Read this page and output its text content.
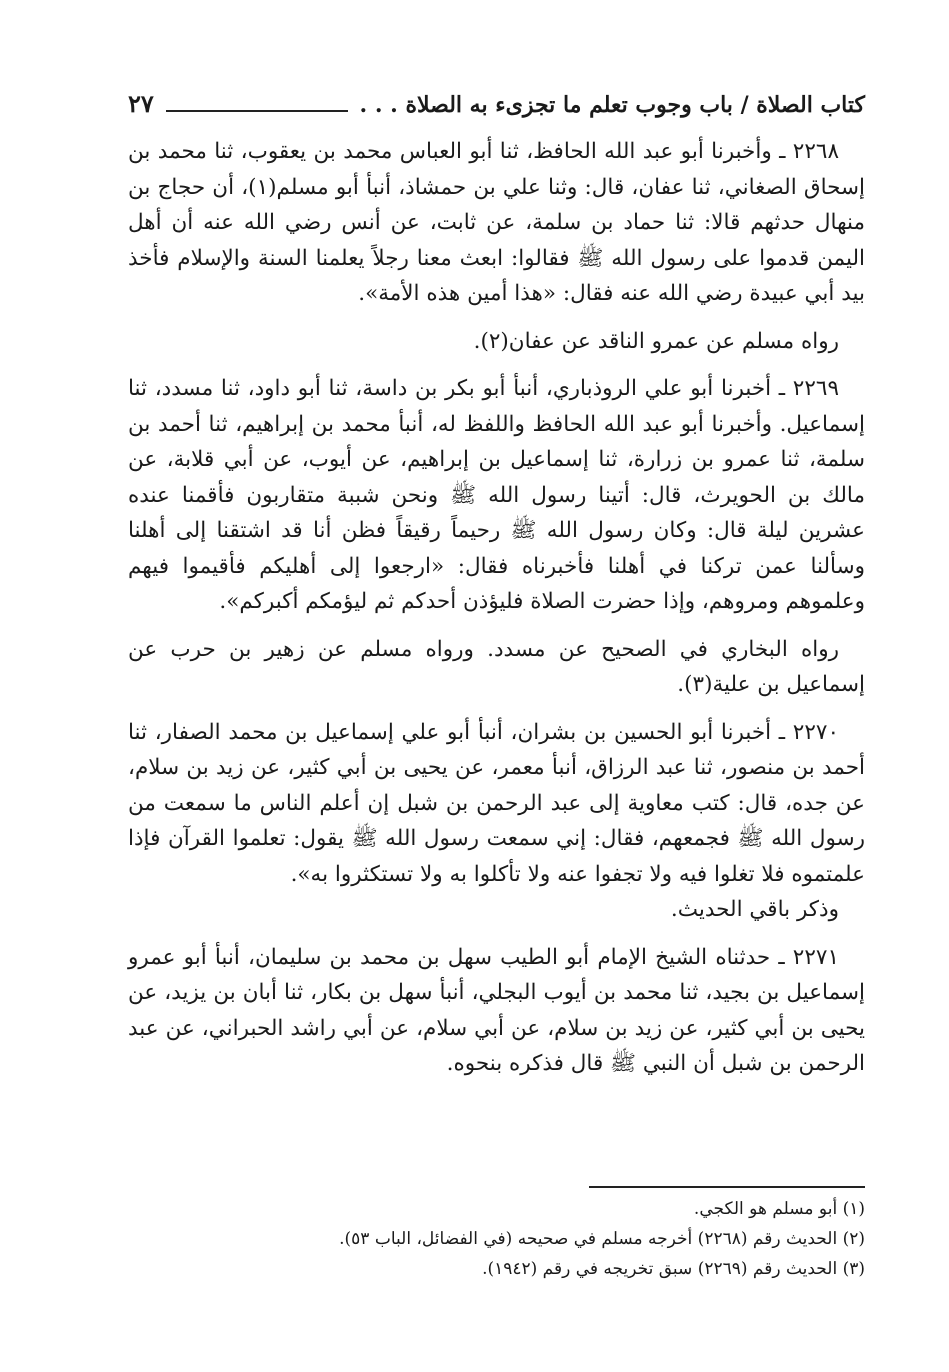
كتاب الصلاة / باب وجوب تعلم ما تجزىء به الصلاة . . .
٢٧

٢٢٦٨ ـ وأخبرنا أبو عبد الله الحافظ، ثنا أبو العباس محمد بن يعقوب، ثنا محمد بن إسحاق الصغاني، ثنا عفان، قال: وثنا علي بن حمشاذ، أنبأ أبو مسلم(١)، أن حجاج بن منهال حدثهم قالا: ثنا حماد بن سلمة، عن ثابت، عن أنس رضي الله عنه أن أهل اليمن قدموا على رسول الله ﷺ فقالوا: ابعث معنا رجلاً يعلمنا السنة والإسلام فأخذ بيد أبي عبيدة رضي الله عنه فقال: «هذا أمين هذه الأمة».

رواه مسلم عن عمرو الناقد عن عفان(٢).

٢٢٦٩ ـ أخبرنا أبو علي الروذباري، أنبأ أبو بكر بن داسة، ثنا أبو داود، ثنا مسدد، ثنا إسماعيل. وأخبرنا أبو عبد الله الحافظ واللفظ له، أنبأ محمد بن إبراهيم، ثنا أحمد بن سلمة، ثنا عمرو بن زرارة، ثنا إسماعيل بن إبراهيم، عن أيوب، عن أبي قلابة، عن مالك بن الحويرث، قال: أتينا رسول الله ﷺ ونحن شببة متقاربون فأقمنا عنده عشرين ليلة قال: وكان رسول الله ﷺ رحيماً رقيقاً فظن أنا قد اشتقنا إلى أهلنا وسألنا عمن تركنا في أهلنا فأخبرناه فقال: «ارجعوا إلى أهليكم فأقيموا فيهم وعلموهم ومروهم، وإذا حضرت الصلاة فليؤذن أحدكم ثم ليؤمكم أكبركم».

رواه البخاري في الصحيح عن مسدد. ورواه مسلم عن زهير بن حرب عن إسماعيل بن علية(٣).

٢٢٧٠ ـ أخبرنا أبو الحسين بن بشران، أنبأ أبو علي إسماعيل بن محمد الصفار، ثنا أحمد بن منصور، ثنا عبد الرزاق، أنبأ معمر، عن يحيى بن أبي كثير، عن زيد بن سلام، عن جده، قال: كتب معاوية إلى عبد الرحمن بن شبل إن أعلم الناس ما سمعت من رسول الله ﷺ فجمعهم، فقال: إني سمعت رسول الله ﷺ يقول: تعلموا القرآن فإذا علمتموه فلا تغلوا فيه ولا تجفوا عنه ولا تأكلوا به ولا تستكثروا به».

وذكر باقي الحديث.

٢٢٧١ ـ حدثناه الشيخ الإمام أبو الطيب سهل بن محمد بن سليمان، أنبأ أبو عمرو إسماعيل بن بجيد، ثنا محمد بن أيوب البجلي، أنبأ سهل بن بكار، ثنا أبان بن يزيد، عن يحيى بن أبي كثير، عن زيد بن سلام، عن أبي سلام، عن أبي راشد الحبراني، عن عبد الرحمن بن شبل أن النبي ﷺ قال فذكره بنحوه.

(١) أبو مسلم هو الكجي.

(٢) الحديث رقم (٢٢٦٨) أخرجه مسلم في صحيحه (في الفضائل، الباب ٥٣).

(٣) الحديث رقم (٢٢٦٩) سبق تخريجه في رقم (١٩٤٢).
